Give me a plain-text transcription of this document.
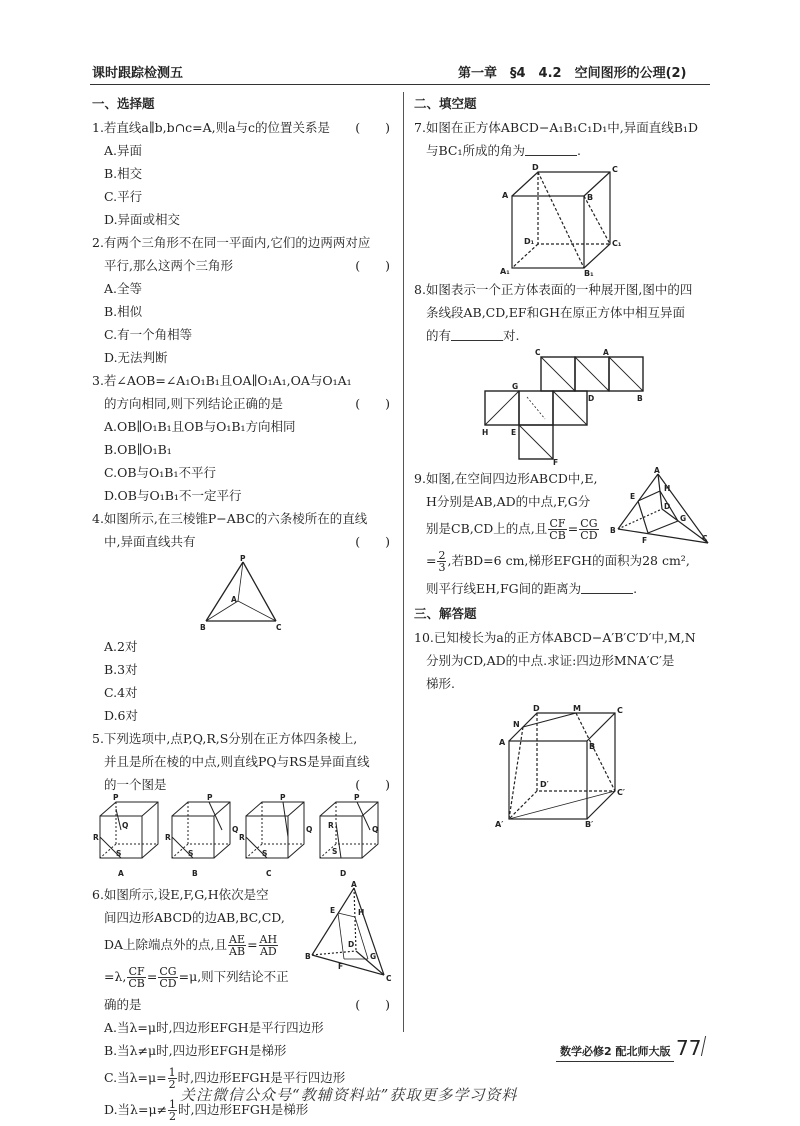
课时跟踪检测五	第一章　§4　4.2　空间图形的公理(2)
一、选择题
1.若直线a∥b,b∩c=A,则a与c的位置关系是 (　　)
A.异面
B.相交
C.平行
D.异面或相交
2.有两个三角形不在同一平面内,它们的边两两对应
平行,那么这两个三角形	(　　)
A.全等
B.相似
C.有一个角相等
D.无法判断
3.若∠AOB=∠A₁O₁B₁且OA∥O₁A₁,OA与O₁A₁
的方向相同,则下列结论正确的是	(　　)
A.OB∥O₁B₁且OB与O₁B₁方向相同
B.OB∥O₁B₁
C.OB与O₁B₁不平行
D.OB与O₁B₁不一定平行
4.如图所示,在三棱锥P−ABC的六条棱所在的直线
中,异面直线共有	(　　)
P
A
B	C
A.2对
B.3对
C.4对
D.6对
5.下列选项中,点P,Q,R,S分别在正方体四条棱上,
并且是所在棱的中点,则直线PQ与RS是异面直线
的一个图是	(　　)
P
Q
R
S
P
Q
R
S
P
Q
R
S
P
Q
R
S
A	B	C	D
A
E	H
B
D
F
G
C
6.如图所示,设E,F,G,H依次是空
间四边形ABCD的边AB,BC,CD,
DA上除端点外的点,且 $\frac{AE}{AB} = \frac{AH}{AD}$
=λ, $\frac{CF}{CB} = \frac{CG}{CD} =\mu$,则下列结论不正
确的是	(　　)
A.当λ=μ时,四边形EFGH是平行四边形
B.当λ≠μ时,四边形EFGH是梯形
C.当$\lambda=\mu= \frac{1}{2}$ 时,四边形EFGH是平行四边形
D.当$\lambda=\mu\ne \frac{1}{2}$ 时,四边形EFGH是梯形
二、填空题
7.如图在正方体ABCD−A₁B₁C₁D₁中,异面直线B₁D
与BC₁所成的角为	.
D	C
A	B
D₁	C₁
A₁	B₁
8.如图表示一个正方体表面的一种展开图,图中的四
条线段AB,CD,EF和GH在原正方体中相互异面
的有	对.
C	A
G
B
D
H	E
F
A
E
H
D
B
F
G
C
9.如图,在空间四边形ABCD中,E,
H分别是AB,AD的中点,F,G分
别是CB,CD上的点,且 $\frac{CF}{CB} = \frac{CG}{CD}$
= $\frac{2}{3}$ ,若BD=6 cm,梯形EFGH的面积为28 cm²,
则平行线EH,FG间的距离为	.
三、解答题
10.已知棱长为a的正方体ABCD−A′B′C′D′中,M,N
分别为CD,AD的中点.求证:四边形MNA′C′是
梯形.
N
D	M	C
A	B
D′
C′
A′	B′
数学必修2 配北师大版 77
关注微信公众号“教辅资料站”获取更多学习资料
